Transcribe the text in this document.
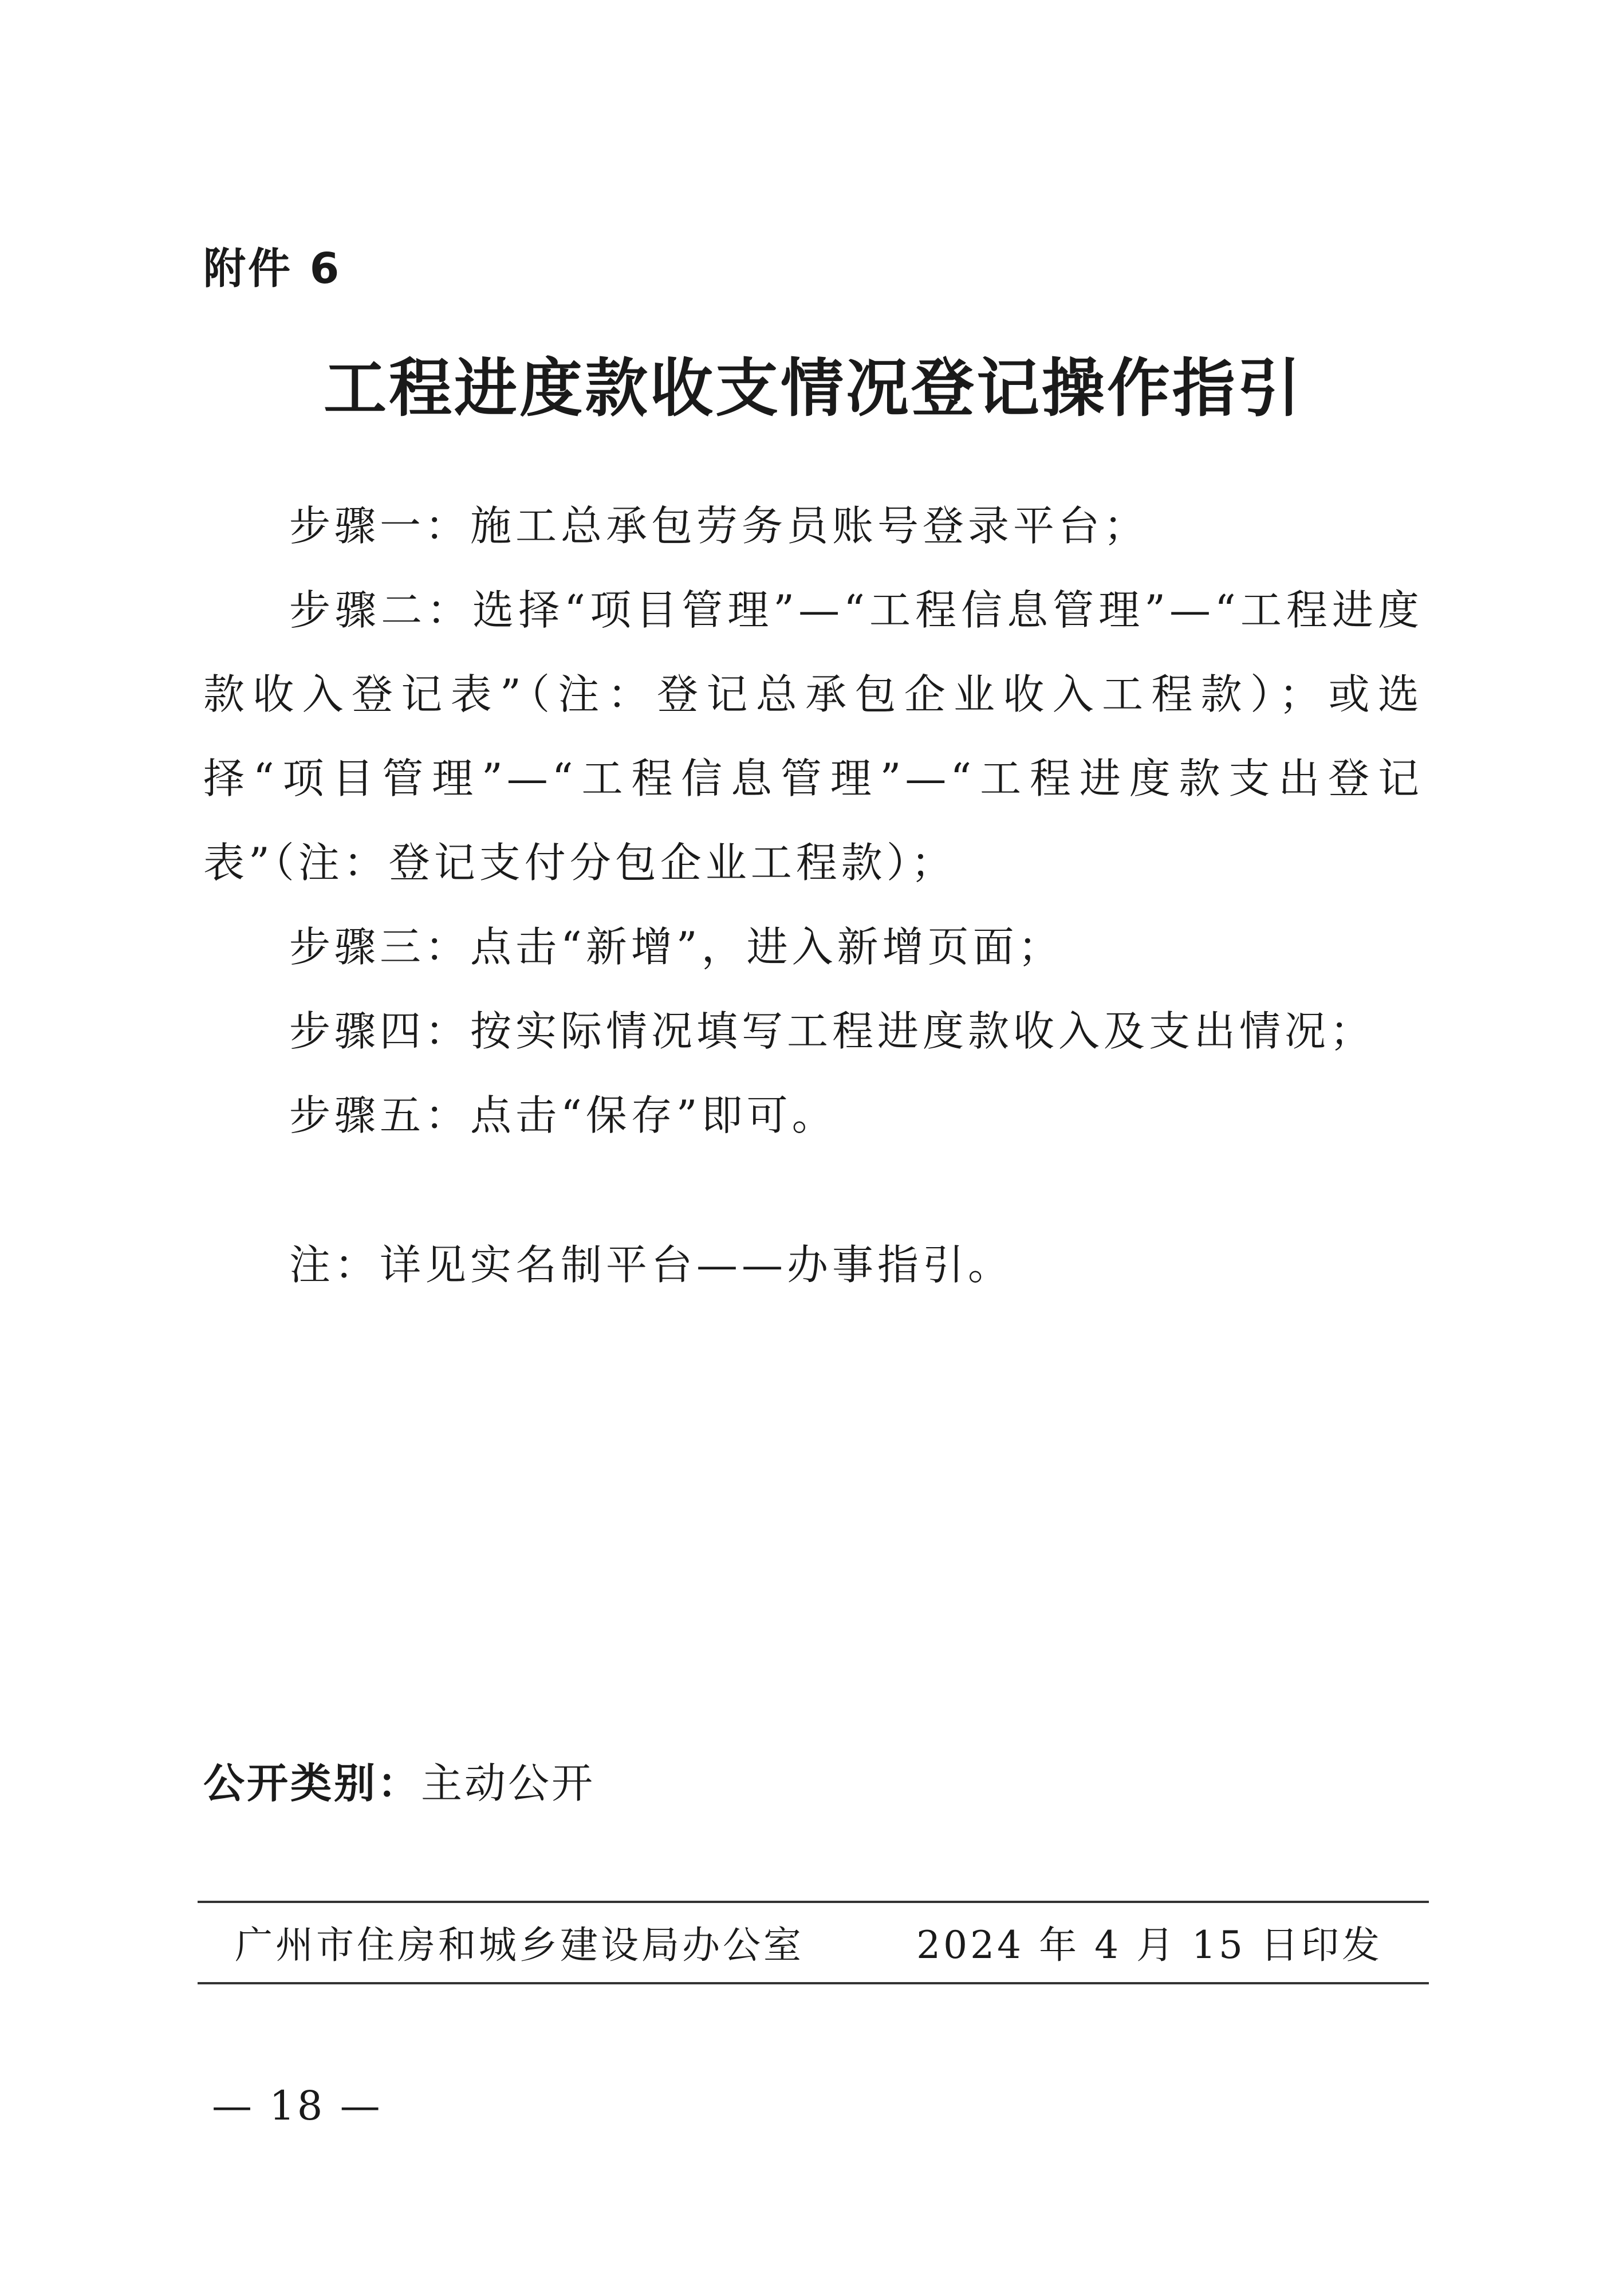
附件 6
工程进度款收支情况登记操作指引

步骤一：施工总承包劳务员账号登录平台；

步骤二：选择“项目管理”—“工程信息管理”—“工程进度款收入登记表”（注：登记总承包企业收入工程款）；或选择“项目管理”—“工程信息管理”—“工程进度款支出登记表”（注：登记支付分包企业工程款）；

步骤三：点击“新增”，进入新增页面；

步骤四：按实际情况填写工程进度款收入及支出情况；

步骤五：点击“保存”即可。

注：详见实名制平台——办事指引。
公开类别：主动公开
广州市住房和城乡建设局办公室	2024 年 4 月 15 日印发
— 18 —
